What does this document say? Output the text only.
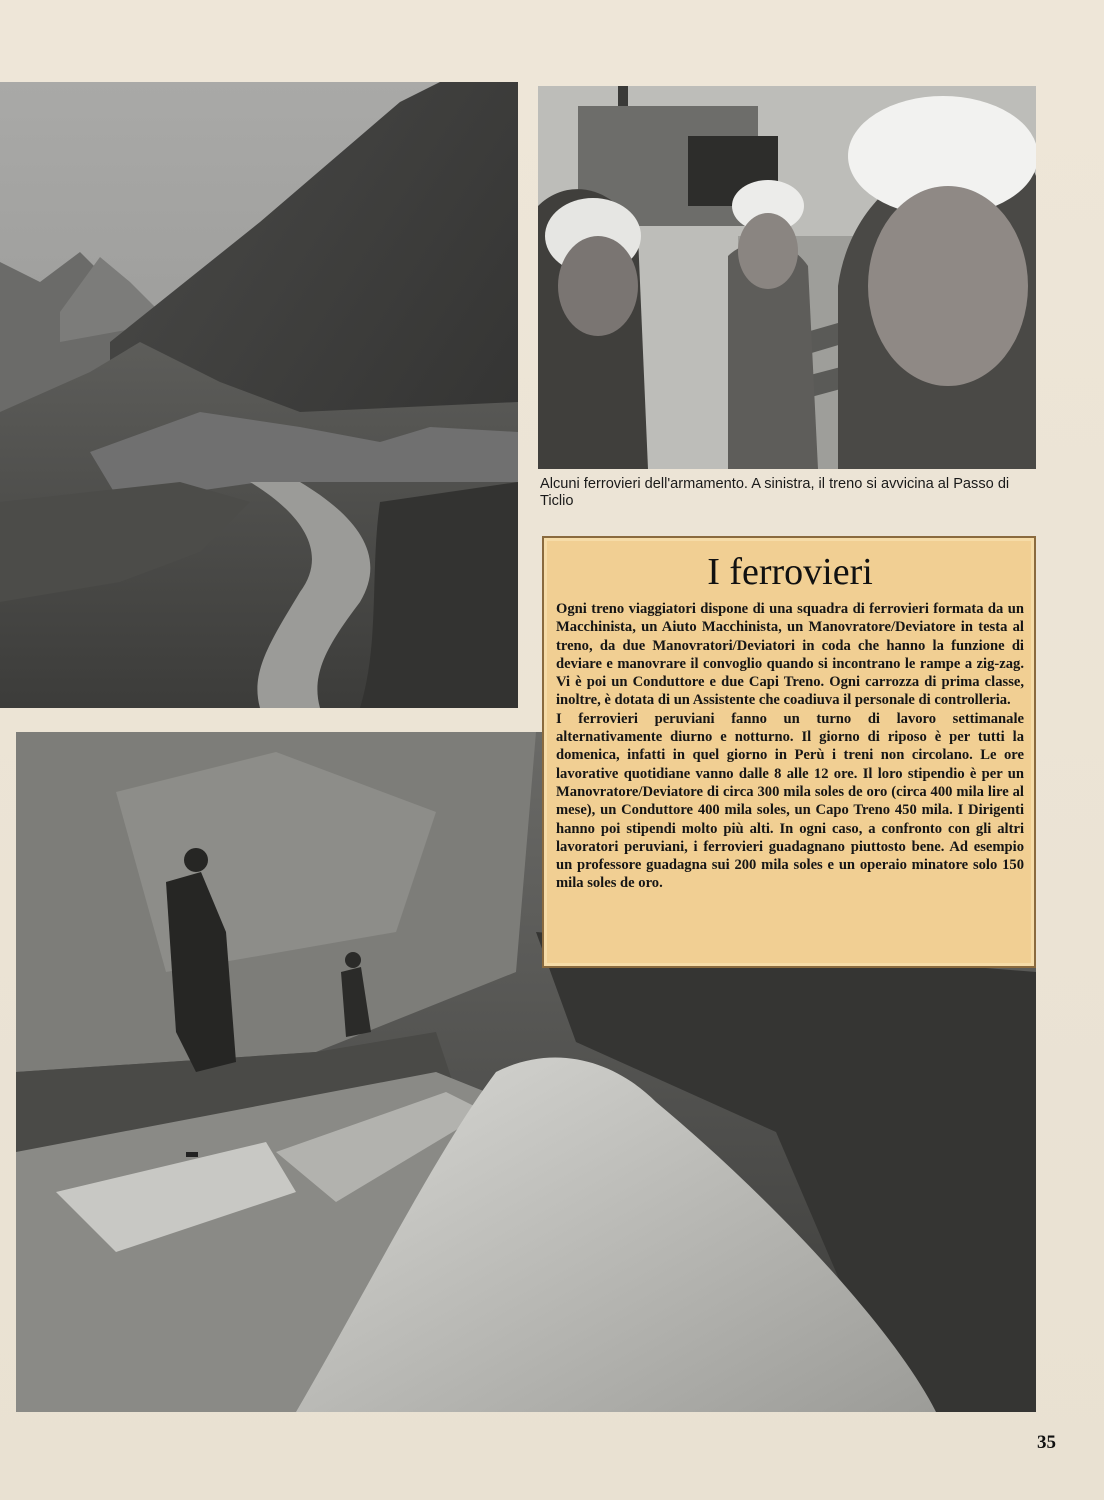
Alcuni ferrovieri dell'armamento. A sinistra, il treno si avvicina al Passo di Ticlio
I ferrovieri

Ogni treno viaggiatori dispone di una squadra di ferrovieri formata da un Macchinista, un Aiuto Macchinista, un Manovratore/Deviatore in testa al treno, da due Manovratori/Deviatori in coda che hanno la funzione di deviare e manovrare il convoglio quando si incontrano le rampe a zig-zag. Vi è poi un Conduttore e due Capi Treno. Ogni carrozza di prima classe, inoltre, è dotata di un Assistente che coadiuva il personale di controlleria.

I ferrovieri peruviani fanno un turno di lavoro settimanale alternativamente diurno e notturno. Il giorno di riposo è per tutti la domenica, infatti in quel giorno in Perù i treni non circolano. Le ore lavorative quotidiane vanno dalle 8 alle 12 ore. Il loro stipendio è per un Manovratore/Deviatore di circa 300 mila soles de oro (circa 400 mila lire al mese), un Conduttore 400 mila soles, un Capo Treno 450 mila. I Dirigenti hanno poi stipendi molto più alti. In ogni caso, a confronto con gli altri lavoratori peruviani, i ferrovieri guadagnano piuttosto bene. Ad esempio un professore guadagna sui 200 mila soles e un operaio minatore solo 150 mila soles de oro.

35
